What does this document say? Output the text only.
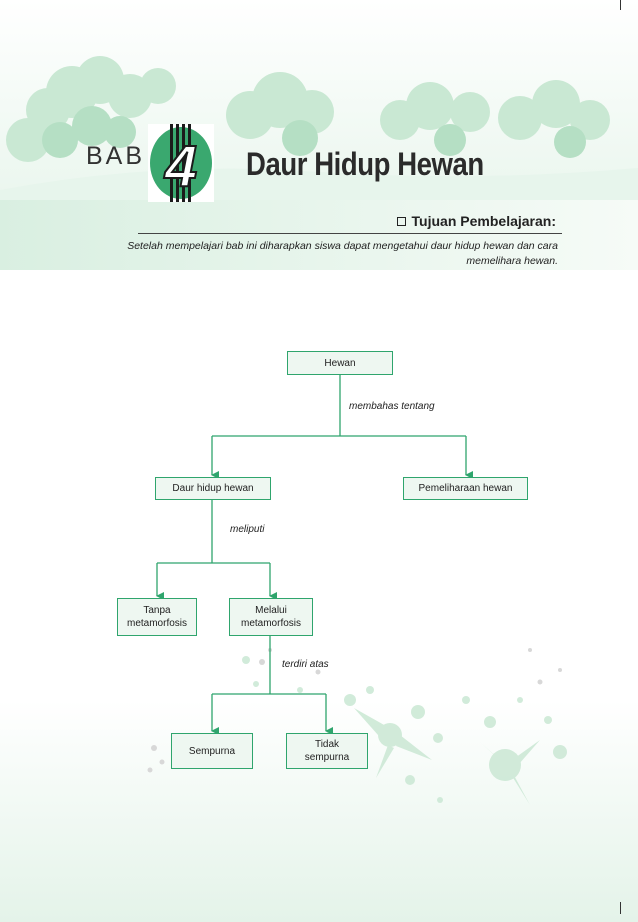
BAB 4 Daur Hidup Hewan
Tujuan Pembelajaran:
Setelah mempelajari bab ini diharapkan siswa dapat mengetahui daur hidup hewan dan cara memelihara hewan.
Hewan
membahas tentang
Daur hidup hewan	Pemeliharaan hewan
meliputi
Tanpa
metamorfosis
Melalui
metamorfosis
terdiri atas
Sempurna
Tidak
sempurna
